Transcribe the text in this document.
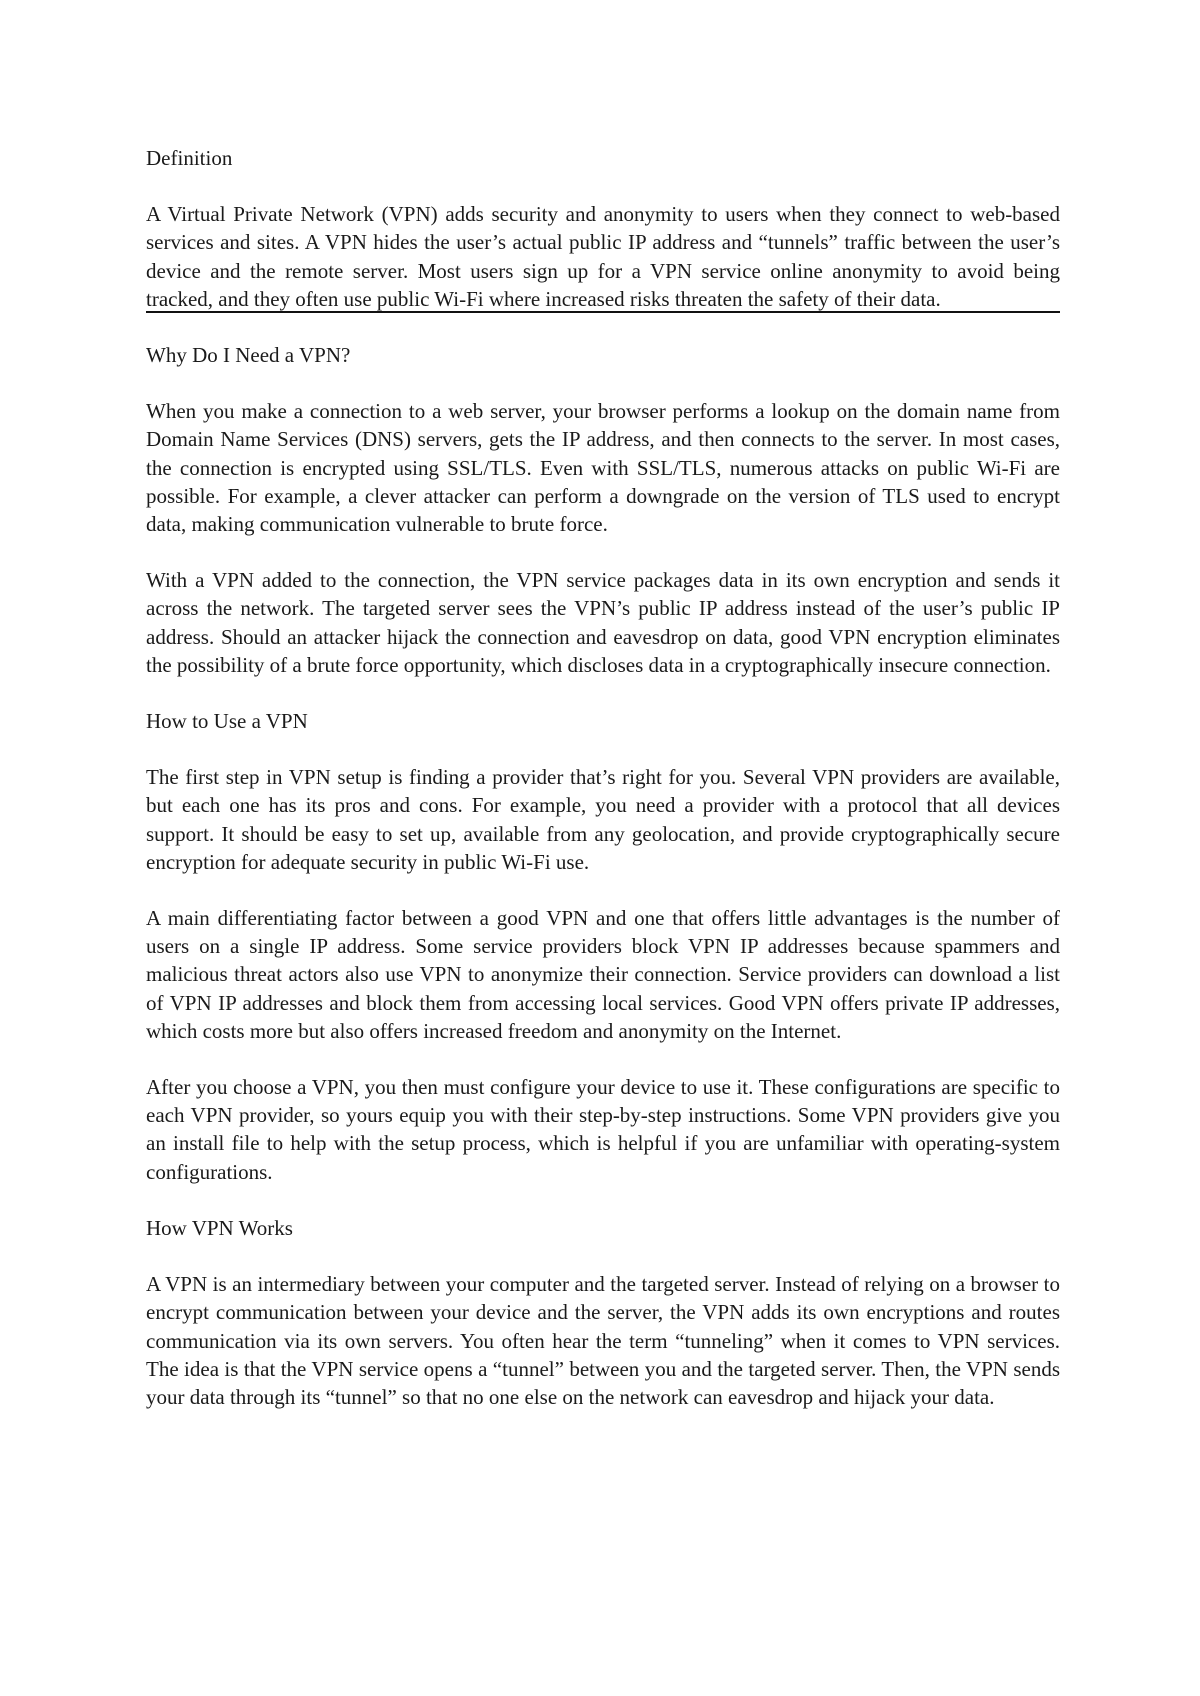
Definition

A Virtual Private Network (VPN) adds security and anonymity to users when they connect to web-based services and sites. A VPN hides the user’s actual public IP address and “tunnels” traffic between the user’s device and the remote server. Most users sign up for a VPN service online anonymity to avoid being tracked, and they often use public Wi-Fi where increased risks threaten the safety of their data.

Why Do I Need a VPN?

When you make a connection to a web server, your browser performs a lookup on the domain name from Domain Name Services (DNS) servers, gets the IP address, and then connects to the server. In most cases, the connection is encrypted using SSL/TLS. Even with SSL/TLS, numerous attacks on public Wi-Fi are possible. For example, a clever attacker can perform a downgrade on the version of TLS used to encrypt data, making communication vulnerable to brute force.

With a VPN added to the connection, the VPN service packages data in its own encryption and sends it across the network. The targeted server sees the VPN’s public IP address instead of the user’s public IP address. Should an attacker hijack the connection and eavesdrop on data, good VPN encryption eliminates the possibility of a brute force opportunity, which discloses data in a cryptographically insecure connection.

How to Use a VPN

The first step in VPN setup is finding a provider that’s right for you. Several VPN providers are available, but each one has its pros and cons. For example, you need a provider with a protocol that all devices support. It should be easy to set up, available from any geolocation, and provide cryptographically secure encryption for adequate security in public Wi-Fi use.

A main differentiating factor between a good VPN and one that offers little advantages is the number of users on a single IP address. Some service providers block VPN IP addresses because spammers and malicious threat actors also use VPN to anonymize their connection. Service providers can download a list of VPN IP addresses and block them from accessing local services. Good VPN offers private IP addresses, which costs more but also offers increased freedom and anonymity on the Internet.

After you choose a VPN, you then must configure your device to use it. These configurations are specific to each VPN provider, so yours equip you with their step-by-step instructions. Some VPN providers give you an install file to help with the setup process, which is helpful if you are unfamiliar with operating-system configurations.

How VPN Works

A VPN is an intermediary between your computer and the targeted server. Instead of relying on a browser to encrypt communication between your device and the server, the VPN adds its own encryptions and routes communication via its own servers. You often hear the term “tunneling” when it comes to VPN services. The idea is that the VPN service opens a “tunnel” between you and the targeted server. Then, the VPN sends your data through its “tunnel” so that no one else on the network can eavesdrop and hijack your data.
